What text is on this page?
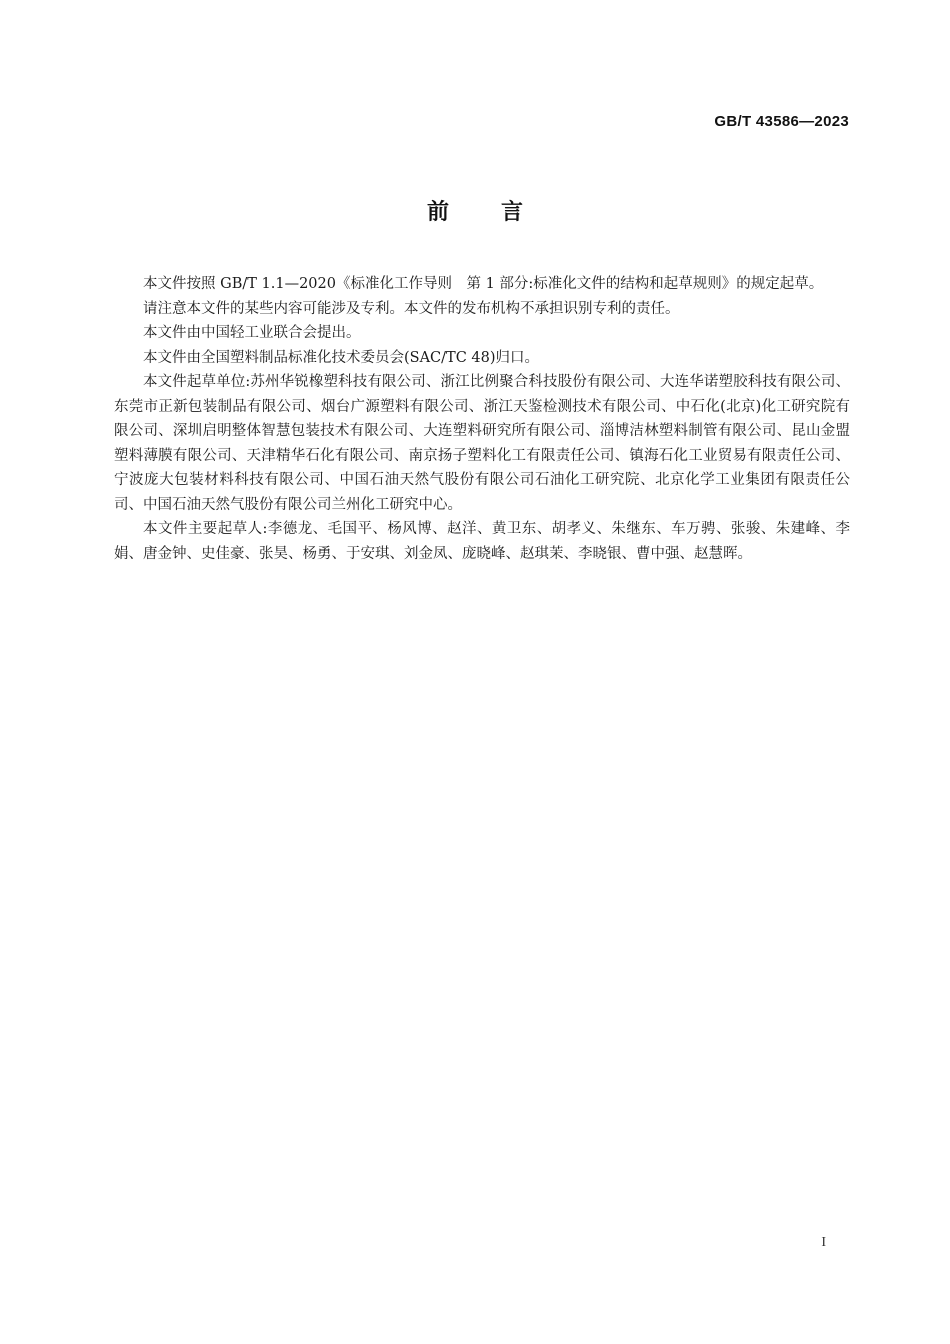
GB/T 43586—2023
前言

本文件按照 GB/T 1.1—2020《标准化工作导则　第 1 部分:标准化文件的结构和起草规则》的规定起草。

请注意本文件的某些内容可能涉及专利。本文件的发布机构不承担识别专利的责任。

本文件由中国轻工业联合会提出。

本文件由全国塑料制品标准化技术委员会(SAC/TC 48)归口。

本文件起草单位:苏州华锐橡塑科技有限公司、浙江比例聚合科技股份有限公司、大连华诺塑胶科技有限公司、东莞市正新包装制品有限公司、烟台广源塑料有限公司、浙江天鉴检测技术有限公司、中石化(北京)化工研究院有限公司、深圳启明整体智慧包装技术有限公司、大连塑料研究所有限公司、淄博洁林塑料制管有限公司、昆山金盟塑料薄膜有限公司、天津精华石化有限公司、南京扬子塑料化工有限责任公司、镇海石化工业贸易有限责任公司、宁波庞大包装材料科技有限公司、中国石油天然气股份有限公司石油化工研究院、北京化学工业集团有限责任公司、中国石油天然气股份有限公司兰州化工研究中心。

本文件主要起草人:李德龙、毛国平、杨风博、赵洋、黄卫东、胡孝义、朱继东、车万骋、张骏、朱建峰、李娟、唐金钟、史佳豪、张昊、杨勇、于安琪、刘金凤、庞晓峰、赵琪茉、李晓银、曹中强、赵慧晖。

I
